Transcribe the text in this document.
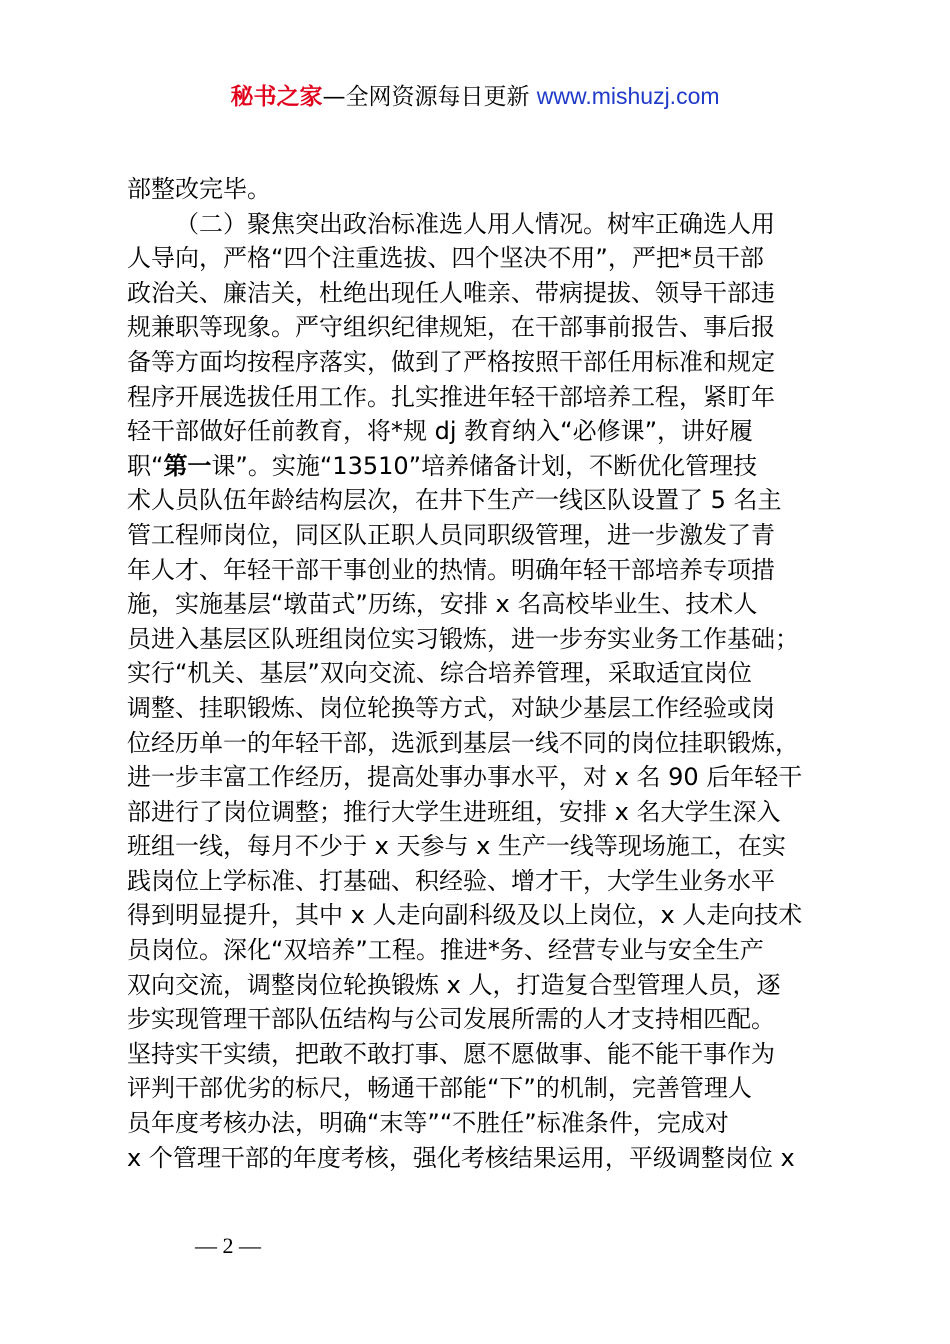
秘书之家—全网资源每日更新 www.mishuzj.com
部整改完毕。
（二）聚焦突出政治标准选人用人情况。树牢正确选人用
人导向，严格“四个注重选拔、四个坚决不用”，严把*员干部
政治关、廉洁关，杜绝出现任人唯亲、带病提拔、领导干部违
规兼职等现象。严守组织纪律规矩，在干部事前报告、事后报
备等方面均按程序落实，做到了严格按照干部任用标准和规定
程序开展选拔任用工作。扎实推进年轻干部培养工程，紧盯年
轻干部做好任前教育，将*规 dj 教育纳入“必修课”，讲好履
职“第一课”。实施“13510”培养储备计划，不断优化管理技
术人员队伍年龄结构层次，在井下生产一线区队设置了 5 名主
管工程师岗位，同区队正职人员同职级管理，进一步激发了青
年人才、年轻干部干事创业的热情。明确年轻干部培养专项措
施，实施基层“墩苗式”历练，安排 x 名高校毕业生、技术人
员进入基层区队班组岗位实习锻炼，进一步夯实业务工作基础；
实行“机关、基层”双向交流、综合培养管理，采取适宜岗位
调整、挂职锻炼、岗位轮换等方式，对缺少基层工作经验或岗
位经历单一的年轻干部，选派到基层一线不同的岗位挂职锻炼，
进一步丰富工作经历，提高处事办事水平，对 x 名 90 后年轻干
部进行了岗位调整；推行大学生进班组，安排 x 名大学生深入
班组一线，每月不少于 x 天参与 x 生产一线等现场施工，在实
践岗位上学标准、打基础、积经验、增才干，大学生业务水平
得到明显提升，其中 x 人走向副科级及以上岗位，x 人走向技术
员岗位。深化“双培养”工程。推进*务、经营专业与安全生产
双向交流，调整岗位轮换锻炼 x 人，打造复合型管理人员，逐
步实现管理干部队伍结构与公司发展所需的人才支持相匹配。
坚持实干实绩，把敢不敢打事、愿不愿做事、能不能干事作为
评判干部优劣的标尺，畅通干部能“下”的机制，完善管理人
员年度考核办法，明确“末等”“不胜任”标准条件，完成对
x 个管理干部的年度考核，强化考核结果运用，平级调整岗位 x
— 2 —
